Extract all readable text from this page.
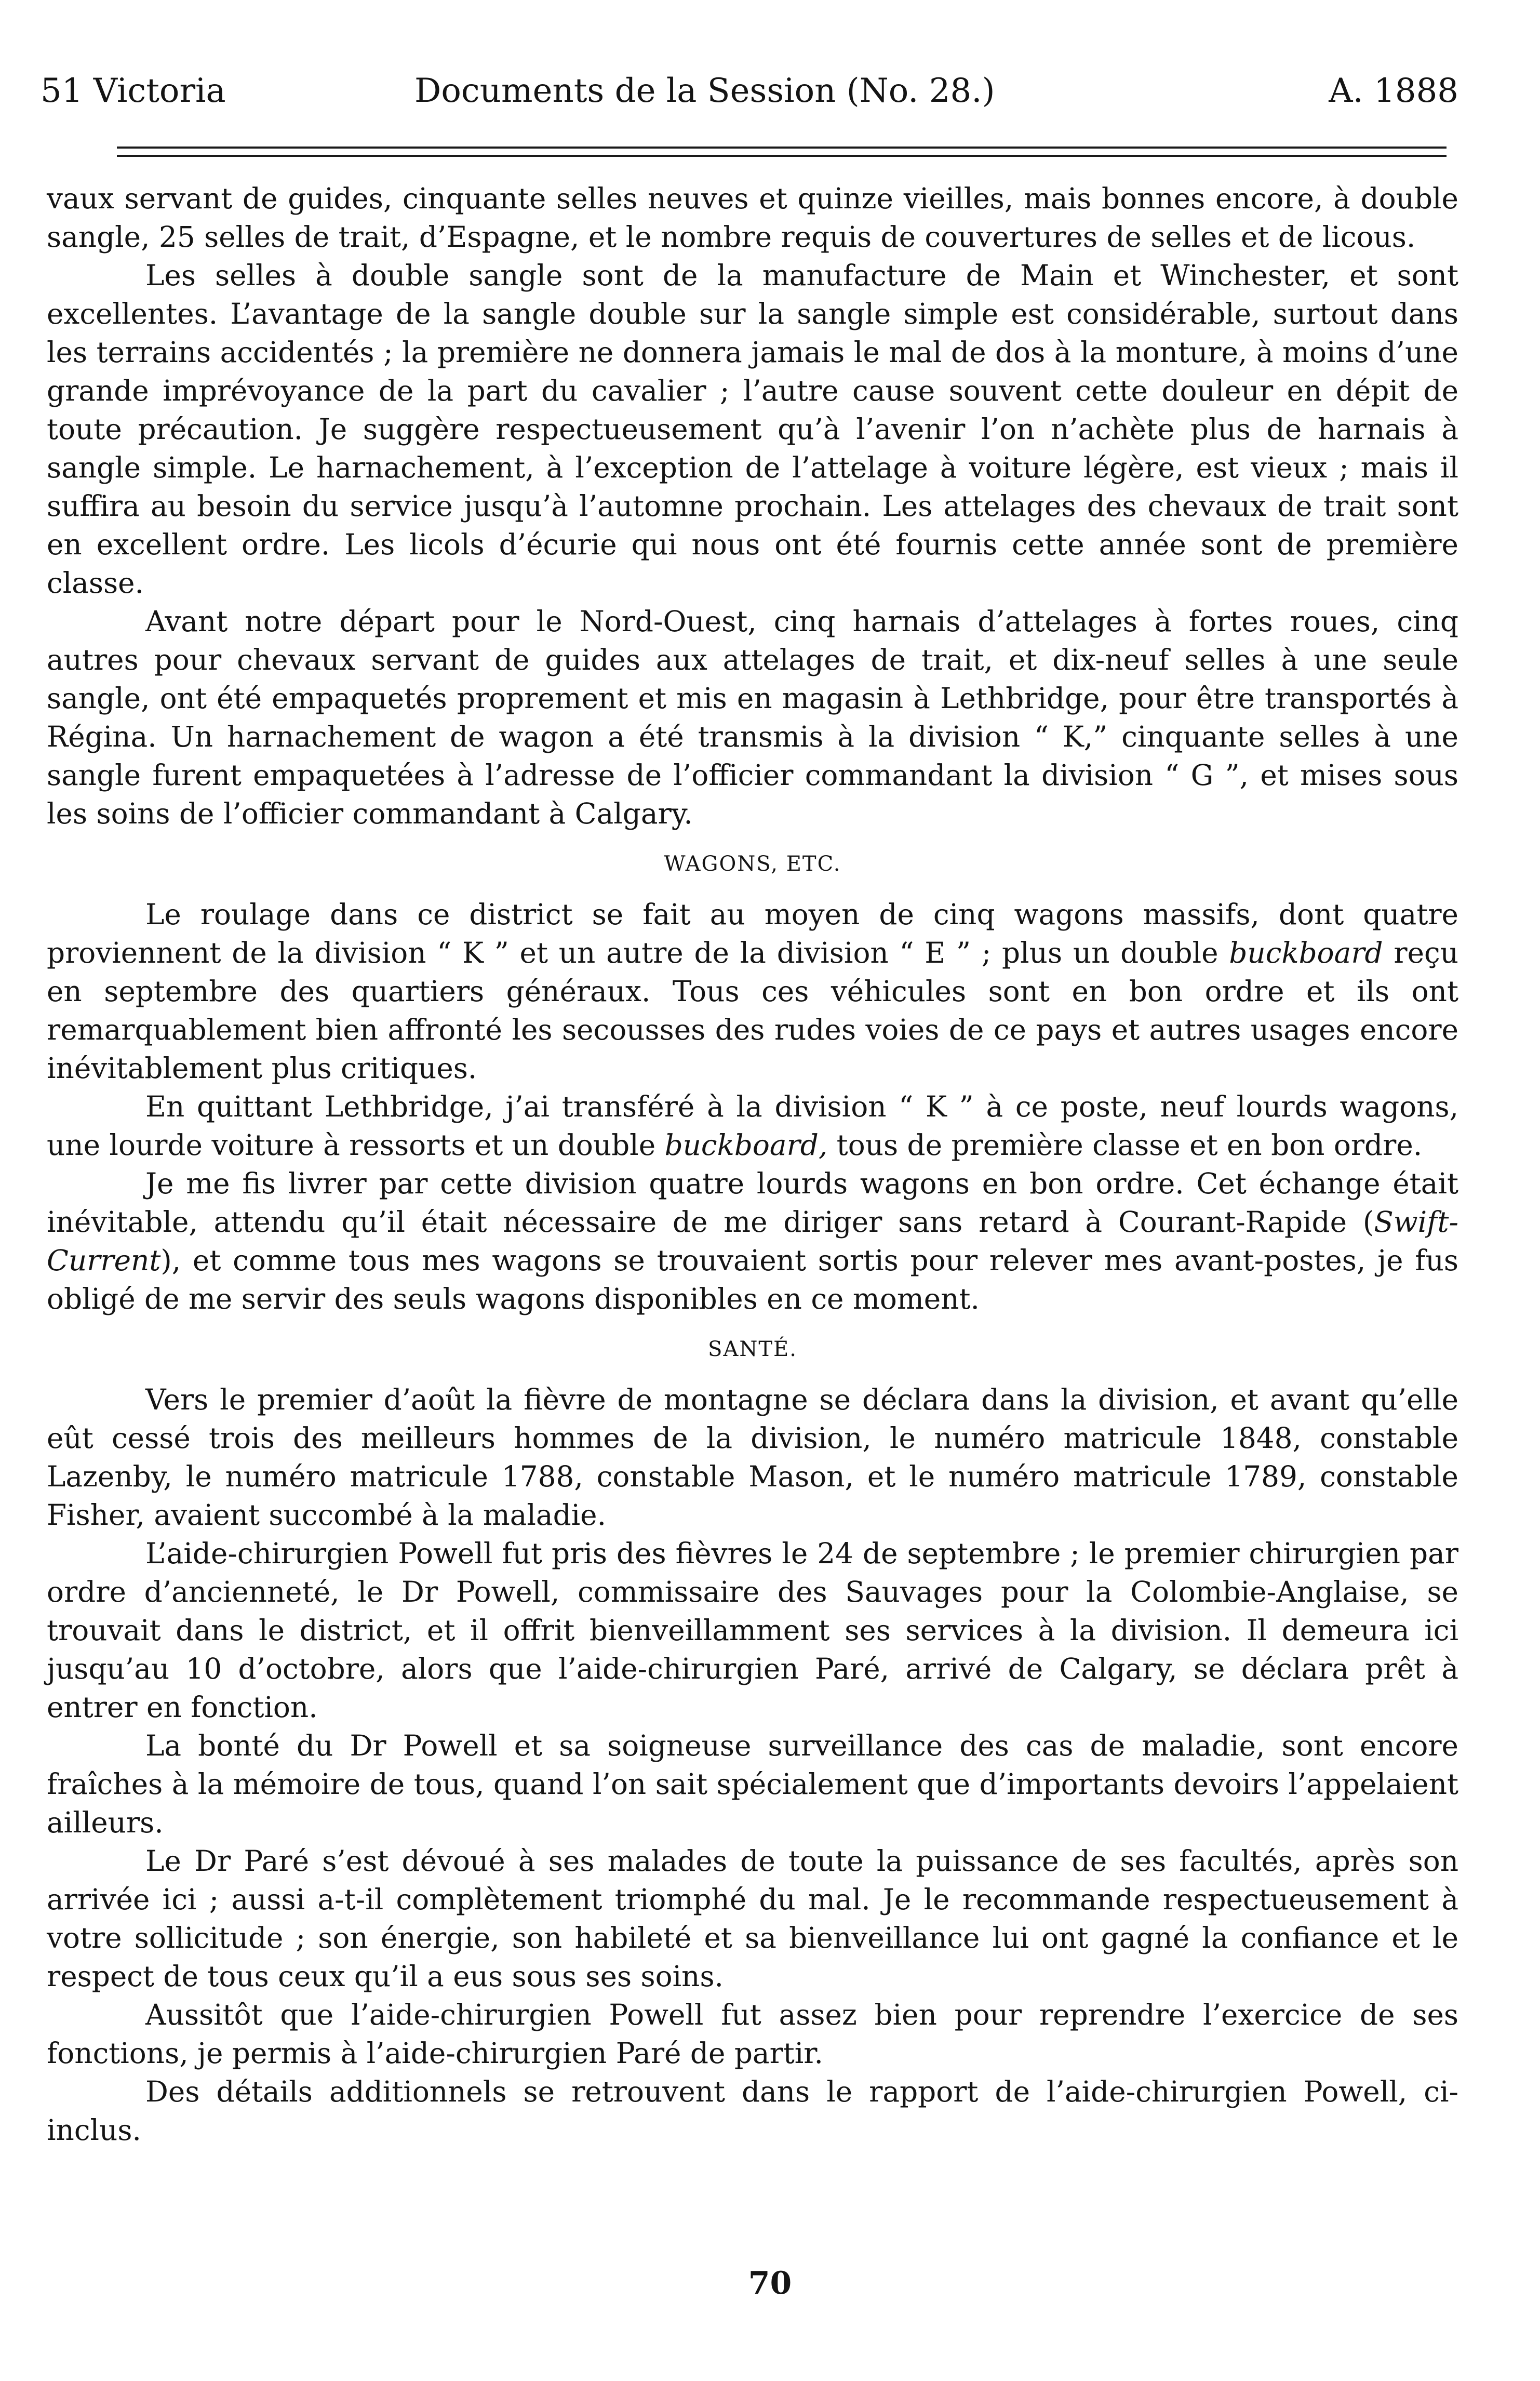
51 Victoria	Documents de la Session (No. 28.)	A. 1888

vaux servant de guides, cinquante selles neuves et quinze vieilles, mais bonnes encore, à double sangle, 25 selles de trait, d’Espagne, et le nombre requis de couvertures de selles et de licous.

Les selles à double sangle sont de la manufacture de Main et Winchester, et sont excellentes. L’avantage de la sangle double sur la sangle simple est considérable, surtout dans les terrains accidentés ; la première ne donnera jamais le mal de dos à la monture, à moins d’une grande imprévoyance de la part du cavalier ; l’autre cause souvent cette douleur en dépit de toute précaution. Je suggère respectueusement qu’à l’avenir l’on n’achète plus de harnais à sangle simple. Le harnachement, à l’exception de l’attelage à voiture légère, est vieux ; mais il suffira au besoin du service jusqu’à l’automne prochain. Les attelages des chevaux de trait sont en excellent ordre. Les licols d’écurie qui nous ont été fournis cette année sont de première classe.

Avant notre départ pour le Nord-Ouest, cinq harnais d’attelages à fortes roues, cinq autres pour chevaux servant de guides aux attelages de trait, et dix-neuf selles à une seule sangle, ont été empaquetés proprement et mis en magasin à Lethbridge, pour être transportés à Régina. Un harnachement de wagon a été transmis à la division “ K,” cinquante selles à une sangle furent empaquetées à l’adresse de l’officier commandant la division “ G ”, et mises sous les soins de l’officier commandant à Calgary.

WAGONS, ETC.

Le roulage dans ce district se fait au moyen de cinq wagons massifs, dont quatre proviennent de la division “ K ” et un autre de la division “ E ” ; plus un double buckboard reçu en septembre des quartiers généraux. Tous ces véhicules sont en bon ordre et ils ont remarquablement bien affronté les secousses des rudes voies de ce pays et autres usages encore inévitablement plus critiques.

En quittant Lethbridge, j’ai transféré à la division “ K ” à ce poste, neuf lourds wagons, une lourde voiture à ressorts et un double buckboard, tous de première classe et en bon ordre.

Je me fis livrer par cette division quatre lourds wagons en bon ordre. Cet échange était inévitable, attendu qu’il était nécessaire de me diriger sans retard à Courant-Rapide (Swift-Current), et comme tous mes wagons se trouvaient sortis pour relever mes avant-postes, je fus obligé de me servir des seuls wagons disponibles en ce moment.

SANTÉ.

Vers le premier d’août la fièvre de montagne se déclara dans la division, et avant qu’elle eût cessé trois des meilleurs hommes de la division, le numéro matricule 1848, constable Lazenby, le numéro matricule 1788, constable Mason, et le numéro matricule 1789, constable Fisher, avaient succombé à la maladie.

L’aide-chirurgien Powell fut pris des fièvres le 24 de septembre ; le premier chirurgien par ordre d’ancienneté, le Dr Powell, commissaire des Sauvages pour la Colombie-Anglaise, se trouvait dans le district, et il offrit bienveillamment ses services à la division. Il demeura ici jusqu’au 10 d’octobre, alors que l’aide-chirurgien Paré, arrivé de Calgary, se déclara prêt à entrer en fonction.

La bonté du Dr Powell et sa soigneuse surveillance des cas de maladie, sont encore fraîches à la mémoire de tous, quand l’on sait spécialement que d’importants devoirs l’appelaient ailleurs.

Le Dr Paré s’est dévoué à ses malades de toute la puissance de ses facultés, après son arrivée ici ; aussi a-t-il complètement triomphé du mal. Je le recommande respectueusement à votre sollicitude ; son énergie, son habileté et sa bienveillance lui ont gagné la confiance et le respect de tous ceux qu’il a eus sous ses soins.

Aussitôt que l’aide-chirurgien Powell fut assez bien pour reprendre l’exercice de ses fonctions, je permis à l’aide-chirurgien Paré de partir.

Des détails additionnels se retrouvent dans le rapport de l’aide-chirurgien Powell, ci-inclus.

70
